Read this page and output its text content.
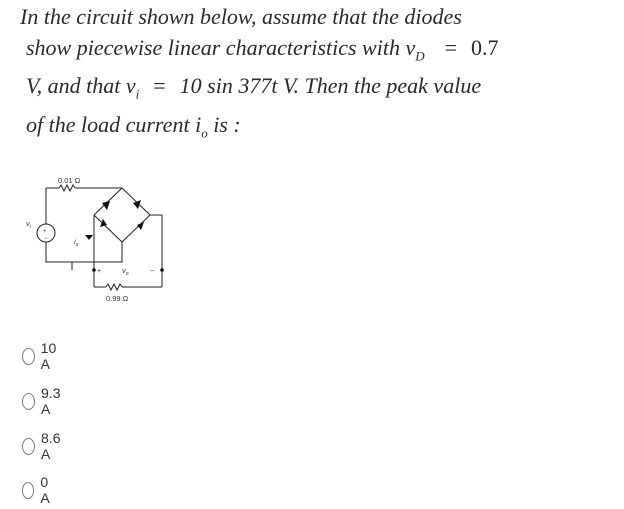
In the circuit shown below, assume that the diodes
show piecewise linear characteristics with $v_D = 0.7$
V, and that $v_i = 10$ sin 377t V. Then the peak value
of the load current $i_o$ is :
0.01 Ω
$v_i$
+
−	$i_o$
+	$v_o$	−
0.99 Ω
10 A
9.3 A
8.6 A
0 A
